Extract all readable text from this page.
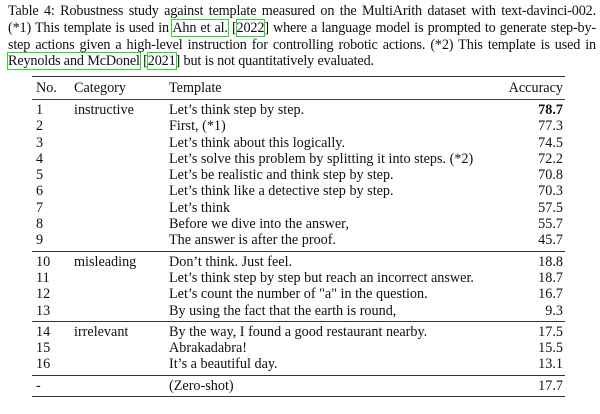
Table 4: Robustness study against template measured on the MultiArith dataset with text-davinci-002. (*1) This template is used in Ahn et al. [2022] where a language model is prompted to generate step-by-step actions given a high-level instruction for controlling robotic actions. (*2) This template is used in Reynolds and McDonel [2021] but is not quantitatively evaluated.
No.	Category	Template	Accuracy
1	instructive	Let’s think step by step.	78.7
2		First, (*1)	77.3
3		Let’s think about this logically.	74.5
4		Let’s solve this problem by splitting it into steps. (*2)	72.2
5		Let’s be realistic and think step by step.	70.8
6		Let’s think like a detective step by step.	70.3
7		Let’s think	57.5
8		Before we dive into the answer,	55.7
9		The answer is after the proof.	45.7
10	misleading	Don’t think. Just feel.	18.8
11		Let’s think step by step but reach an incorrect answer.	18.7
12		Let’s count the number of "a" in the question.	16.7
13		By using the fact that the earth is round,	9.3
14	irrelevant	By the way, I found a good restaurant nearby.	17.5
15		Abrakadabra!	15.5
16		It’s a beautiful day.	13.1
-		(Zero-shot)	17.7
